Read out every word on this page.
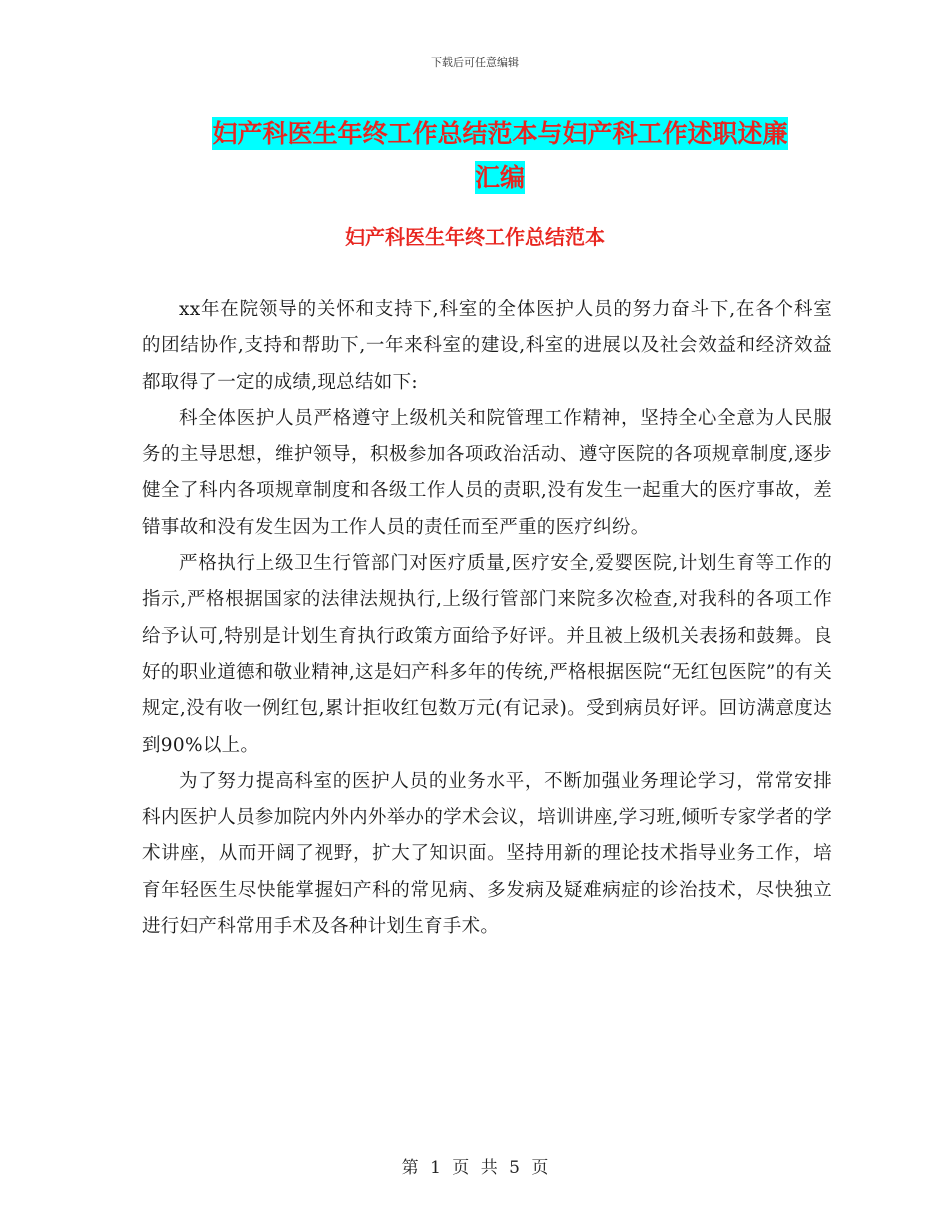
下载后可任意编辑
妇产科医生年终工作总结范本与妇产科工作述职述廉
汇编
妇产科医生年终工作总结范本

xx年在院领导的关怀和支持下,科室的全体医护人员的努力奋斗下,在各个科室的团结协作,支持和帮助下,一年来科室的建设,科室的进展以及社会效益和经济效益都取得了一定的成绩,现总结如下:

科全体医护人员严格遵守上级机关和院管理工作精神，坚持全心全意为人民服务的主导思想，维护领导，积极参加各项政治活动、遵守医院的各项规章制度,逐步健全了科内各项规章制度和各级工作人员的责职,没有发生一起重大的医疗事故，差错事故和没有发生因为工作人员的责任而至严重的医疗纠纷。

严格执行上级卫生行管部门对医疗质量,医疗安全,爱婴医院,计划生育等工作的指示,严格根据国家的法律法规执行,上级行管部门来院多次检查,对我科的各项工作给予认可,特别是计划生育执行政策方面给予好评。并且被上级机关表扬和鼓舞。良好的职业道德和敬业精神,这是妇产科多年的传统,严格根据医院“无红包医院”的有关规定,没有收一例红包,累计拒收红包数万元(有记录)。受到病员好评。回访满意度达到90%以上。

为了努力提高科室的医护人员的业务水平，不断加强业务理论学习，常常安排科内医护人员参加院内外内外举办的学术会议，培训讲座,学习班,倾听专家学者的学术讲座，从而开阔了视野，扩大了知识面。坚持用新的理论技术指导业务工作，培育年轻医生尽快能掌握妇产科的常见病、多发病及疑难病症的诊治技术，尽快独立进行妇产科常用手术及各种计划生育手术。

第 1 页 共 5 页
